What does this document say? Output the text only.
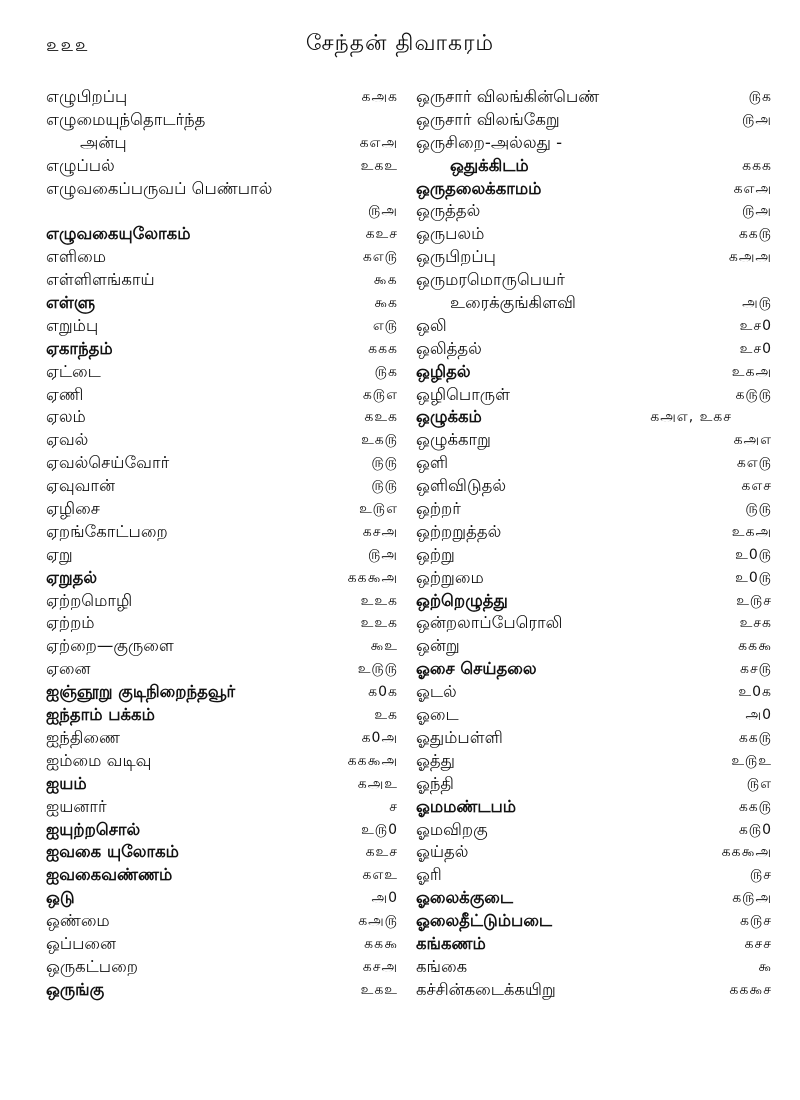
௨௨௨	சேந்தன் திவாகரம்
எழுபிறப்பு	கஅக
எழுமையுந்தொடர்ந்த
அன்பு	கஎஅ
எழுப்பல்	உகஉ
எழுவகைப்பருவப் பெண்பால்
௫அ
எழுவகையுலோகம்	கஉச
எளிமை	கஎ௫
எள்ளிளங்காய்	௯௧
எள்ளு	௯க
எறும்பு	எ௫
ஏகாந்தம்	ககக
ஏட்டை	௫க
ஏணி	க௫எ
ஏலம்	கஉக
ஏவல்	உக௫
ஏவல்செய்வோர்	௫௫
ஏவுவான்	௫௫
ஏழிசை	உ௫எ
ஏறங்கோட்பறை	கசஅ
ஏறு	௫அ
ஏறுதல்	கக௯அ
ஏற்றமொழி	உஉக
ஏற்றம்	உஉக
ஏற்றை—குருளை	௯உ
ஏனை	உ௫௫
ஐஞ்ஞூறு குடிநிறைந்தவூர்	க0க
ஐந்தாம் பக்கம்	உக
ஐந்திணை	க0அ
ஐம்மை வடிவு	கக௯அ
ஐயம்	கஅஉ
ஐயனார்	ச
ஐயுற்றசொல்	உ௫0
ஐவகை யுலோகம்	கஉச
ஐவகைவண்ணம்	கஎஉ
ஒடு	அ0
ஒண்மை	கஅ௫
ஒப்பனை	கக௯
ஒருகட்பறை	கசஅ
ஒருங்கு	உகஉ
ஒருசார் விலங்கின்பெண்	௫க
ஒருசார் விலங்கேறு	௫அ
ஒருசிறை-அல்லது -
ஒதுக்கிடம்	ககக
ஒருதலைக்காமம்	கஎஅ
ஒருத்தல்	௫அ
ஒருபலம்	கக௫
ஒருபிறப்பு	கஅஅ
ஒருமரமொருபெயர்
உரைக்குங்கிளவி	அ௫
ஒலி	உச0
ஒலித்தல்	உச0
ஒழிதல்	உகஅ
ஒழிபொருள்	க௫௫
ஒழுக்கம்	கஅஎ, உகச
ஒழுக்காறு	கஅஎ
ஒளி	கஎ௫
ஒளிவிடுதல்	கஎச
ஒற்றர்	௫௫
ஒற்றறுத்தல்	உகஅ
ஒற்று	உ0௫
ஒற்றுமை	உ0௫
ஒற்றெழுத்து	உ௫ச
ஒன்றலாப்பேரொலி	உசக
ஒன்று	கக௯
ஓசை செய்தலை	கச௫
ஓடல்	உ0க
ஓடை	அ0
ஓதும்பள்ளி	கக௫
ஓத்து	உ௫உ
ஓந்தி	௫எ
ஓமமண்டபம்	கக௫
ஓமவிறகு	க௫0
ஓய்தல்	கக௯அ
ஓரி	௫ச
ஓலைக்குடை	க௫அ
ஓலைதீட்டும்படை	க௫ச
கங்கணம்	கசச
கங்கை	௯
கச்சின்கடைக்கயிறு	கக௯ச
